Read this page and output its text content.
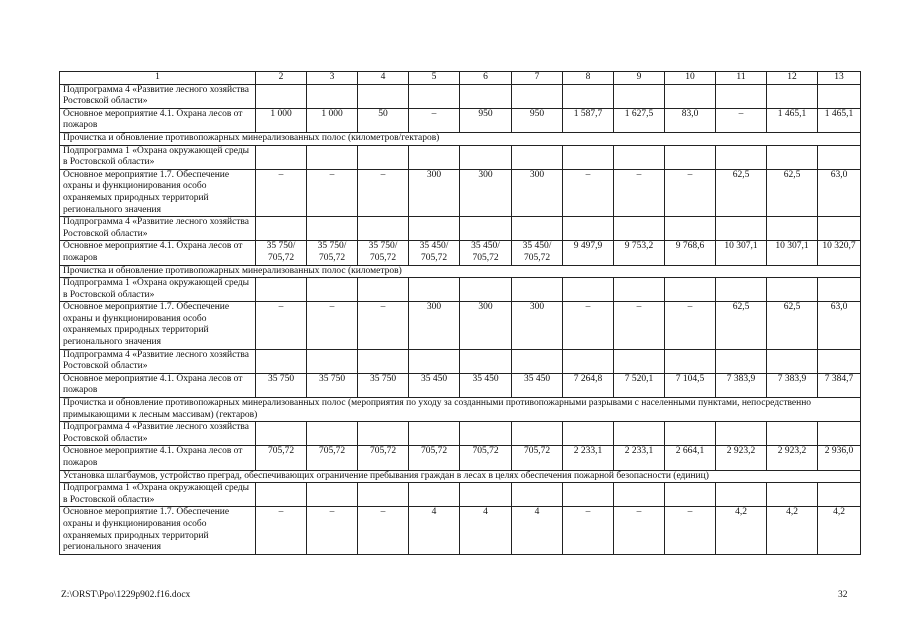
1	2	3	4	5	6	7	8	9	10	11	12	13
Подпрограмма 4 «Развитие лесного хозяйства Ростовской области»												
Основное мероприятие 4.1. Охрана лесов от пожаров	1 000	1 000	50	–	950	950	1 587,7	1 627,5	83,0	–	1 465,1	1 465,1
Прочистка и обновление противопожарных минерализованных полос (километров/гектаров)												
Подпрограмма 1 «Охрана окружающей среды в Ростовской области»												
Основное мероприятие 1.7. Обеспечение охраны и функционирования особо охраняемых природных территорий регионального значения	–	–	–	300	300	300	–	–	–	62,5	62,5	63,0
Подпрограмма 4 «Развитие лесного хозяйства Ростовской области»												
Основное мероприятие 4.1. Охрана лесов от пожаров	35 750/ 705,72	35 750/ 705,72	35 750/ 705,72	35 450/ 705,72	35 450/ 705,72	35 450/ 705,72	9 497,9	9 753,2	9 768,6	10 307,1	10 307,1	10 320,7
Прочистка и обновление противопожарных минерализованных полос (километров)												
Подпрограмма 1 «Охрана окружающей среды в Ростовской области»												
Основное мероприятие 1.7. Обеспечение охраны и функционирования особо охраняемых природных территорий регионального значения	–	–	–	300	300	300	–	–	–	62,5	62,5	63,0
Подпрограмма 4 «Развитие лесного хозяйства Ростовской области»												
Основное мероприятие 4.1. Охрана лесов от пожаров	35 750	35 750	35 750	35 450	35 450	35 450	7 264,8	7 520,1	7 104,5	7 383,9	7 383,9	7 384,7
Прочистка и обновление противопожарных минерализованных полос (мероприятия по уходу за созданными противопожарными разрывами с населенными пунктами, непосредственно примыкающими к лесным массивам) (гектаров)												
Подпрограмма 4 «Развитие лесного хозяйства Ростовской области»												
Основное мероприятие 4.1. Охрана лесов от пожаров	705,72	705,72	705,72	705,72	705,72	705,72	2 233,1	2 233,1	2 664,1	2 923,2	2 923,2	2 936,0
Установка шлагбаумов, устройство преград, обеспечивающих ограничение пребывания граждан в лесах в целях обеспечения пожарной безопасности (единиц)												
Подпрограмма 1 «Охрана окружающей среды в Ростовской области»												
Основное мероприятие 1.7. Обеспечение охраны и функционирования особо охраняемых природных территорий регионального значения	–	–	–	4	4	4	–	–	–	4,2	4,2	4,2
Z:\ORST\Ppo\1229p902.f16.docx	32
